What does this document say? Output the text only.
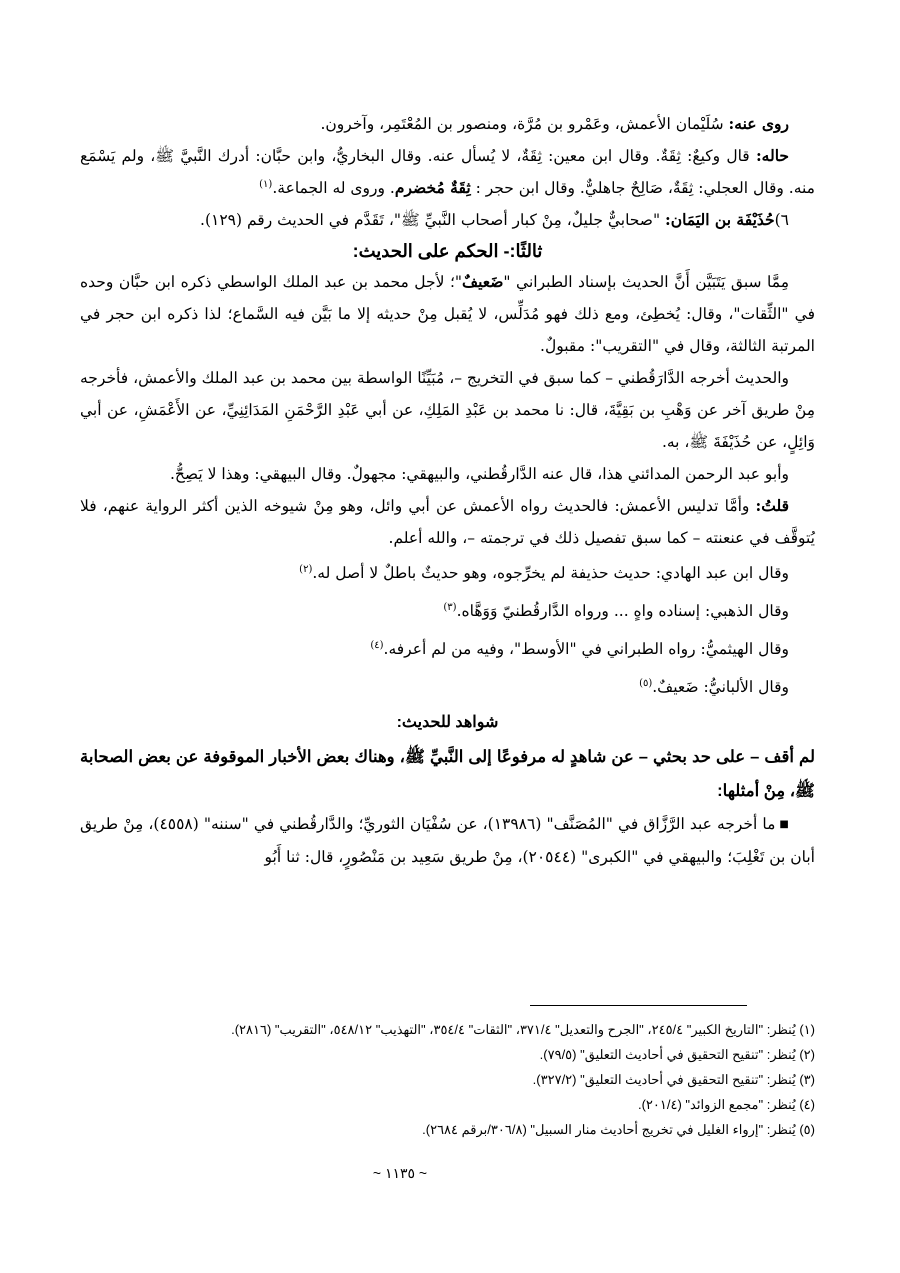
روى عنه: سُلَيْمان الأعمش، وعَمْرو بن مُرَّة، ومنصور بن المُعْتَمِر، وآخرون.

حاله: قال وكيعٌ: ثِقَةٌ. وقال ابن معين: ثِقَةٌ، لا يُسأل عنه. وقال البخاريُّ، وابن حبَّان: أدرك النَّبيَّ ﷺ، ولم يَسْمَع منه. وقال العجلي: ثِقَةٌ، صَالِحٌ جاهليٌّ. وقال ابن حجر : ثِقَةٌ مُخضرم. وروى له الجماعة.$^{(١)}$

٦)حُذَيْفَة بن اليَمَان: "صحابيٌّ جليلٌ، مِنْ كبار أصحاب النَّبيِّ ﷺ"، تَقَدَّم في الحديث رقم (١٢٩).

ثالثًا:- الحكم على الحديث:

مِمَّا سبق يَتَبَيَّن أَنَّ الحديث بإسناد الطبراني "ضَعيفٌ"؛ لأجل محمد بن عبد الملك الواسطي ذكره ابن حبَّان وحده في "الثِّقات"، وقال: يُخطِئ، ومع ذلك فهو مُدَلِّس، لا يُقبل مِنْ حديثه إلا ما بَيَّن فيه السَّماع؛ لذا ذكره ابن حجر في المرتبة الثالثة، وقال في "التقريب": مقبولٌ.

والحديث أخرجه الدَّارَقُطني – كما سبق في التخريج –، مُبَيِّنًا الواسطة بين محمد بن عبد الملك والأعمش، فأخرجه مِنْ طريق آخر عن وَهْبِ بن بَقِيَّةَ، قال: نا محمد بن عَبْدِ المَلِكِ، عن أبي عَبْدِ الرَّحْمَنِ المَدَائِنِيِّ، عن الأَعْمَشِ، عن أبي وَائِلٍ، عن حُذَيْفَةَ ﷺ، به.

وأبو عبد الرحمن المدائني هذا، قال عنه الدَّارقُطني، والبيهقي: مجهولٌ. وقال البيهقي: وهذا لا يَصِحُّ.

قلتُ: وأمَّا تدليس الأعمش: فالحديث رواه الأعمش عن أبي وائل، وهو مِنْ شيوخه الذين أكثر الرواية عنهم، فلا يُتوقَّف في عنعنته – كما سبق تفصيل ذلك في ترجمته –، والله أعلم.

وقال ابن عبد الهادي: حديث حذيفة لم يخرِّجوه، وهو حديثٌ باطلٌ لا أصل له.$^{(٢)}$

وقال الذهبي: إسناده واهٍ ... ورواه الدَّارقُطنيّ وَوَهَّاه.$^{(٣)}$

وقال الهيثميُّ: رواه الطبراني في "الأوسط"، وفيه من لم أعرفه.$^{(٤)}$

وقال الألبانيُّ: ضَعيفٌ.$^{(٥)}$

شواهد للحديث:

لم أقف – على حد بحثي – عن شاهدٍ له مرفوعًا إلى النَّبيِّ ﷺ، وهناك بعض الأخبار الموقوفة عن بعض الصحابة ﷺ، مِنْ أمثلها:

■ما أخرجه عبد الرَّزَّاق في "المُصَنَّف" (١٣٩٨٦)، عن سُفْيَان الثوريِّ؛ والدَّارقُطني في "سننه" (٤٥٥٨)، مِنْ طريق أبان بن تَغْلِبَ؛ والبيهقي في "الكبرى" (٢٠٥٤٤)، مِنْ طريق سَعِيد بن مَنْصُورٍ، قال: ثنا أَبُو

(١) يُنظر: "التاريخ الكبير" ٢٤٥/٤، "الجرح والتعديل" ٣٧١/٤، "الثقات" ٣٥٤/٤، "التهذيب" ٥٤٨/١٢، "التقريب" (٢٨١٦).

(٢) يُنظر: "تنقيح التحقيق في أحاديث التعليق" (٧٩/٥).

(٣) يُنظر: "تنقيح التحقيق في أحاديث التعليق" (٣٢٧/٢).

(٤) يُنظر: "مجمع الزوائد" (٢٠١/٤).

(٥) يُنظر: "إرواء الغليل في تخريج أحاديث منار السبيل" (٣٠٦/٨/برقم ٢٦٨٤).

~ ١١٣٥ ~
